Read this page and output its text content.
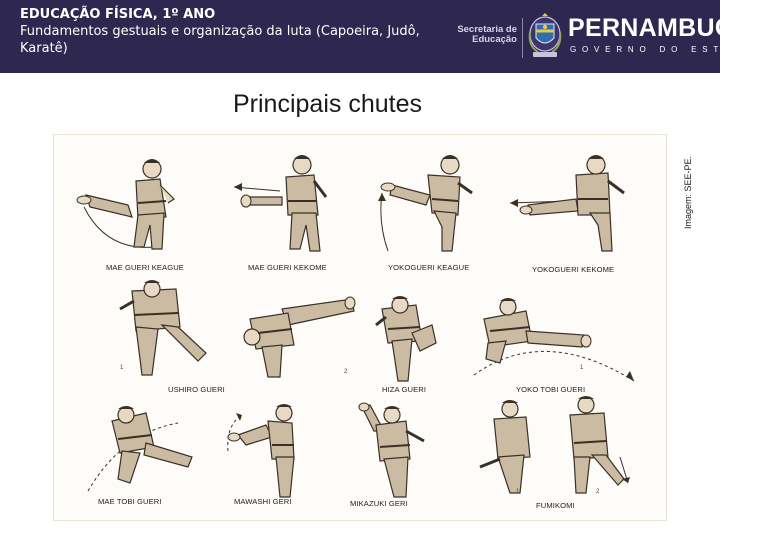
EDUCAÇÃO FÍSICA, 1º ANO
Fundamentos gestuais e organização da luta (Capoeira, Judô, Karatê)
Secretaria de
Educação PERNAMBUCO
GOVERNO DO ESTADO
Principais chutes
Imagem: SEE-PE.
MAE GUERI KEAGUE	MAE GUERI KEKOME	YOKOGUERI KEAGUE	YOKOGUERI KEKOME
1
USHIRO GUERI
2
HIZA GUERI
1
YOKO TOBI GUERI
MAE TOBI GUERI	MAWASHI GERI	MIKAZUKI GERI
1	2
FUMIKOMI
